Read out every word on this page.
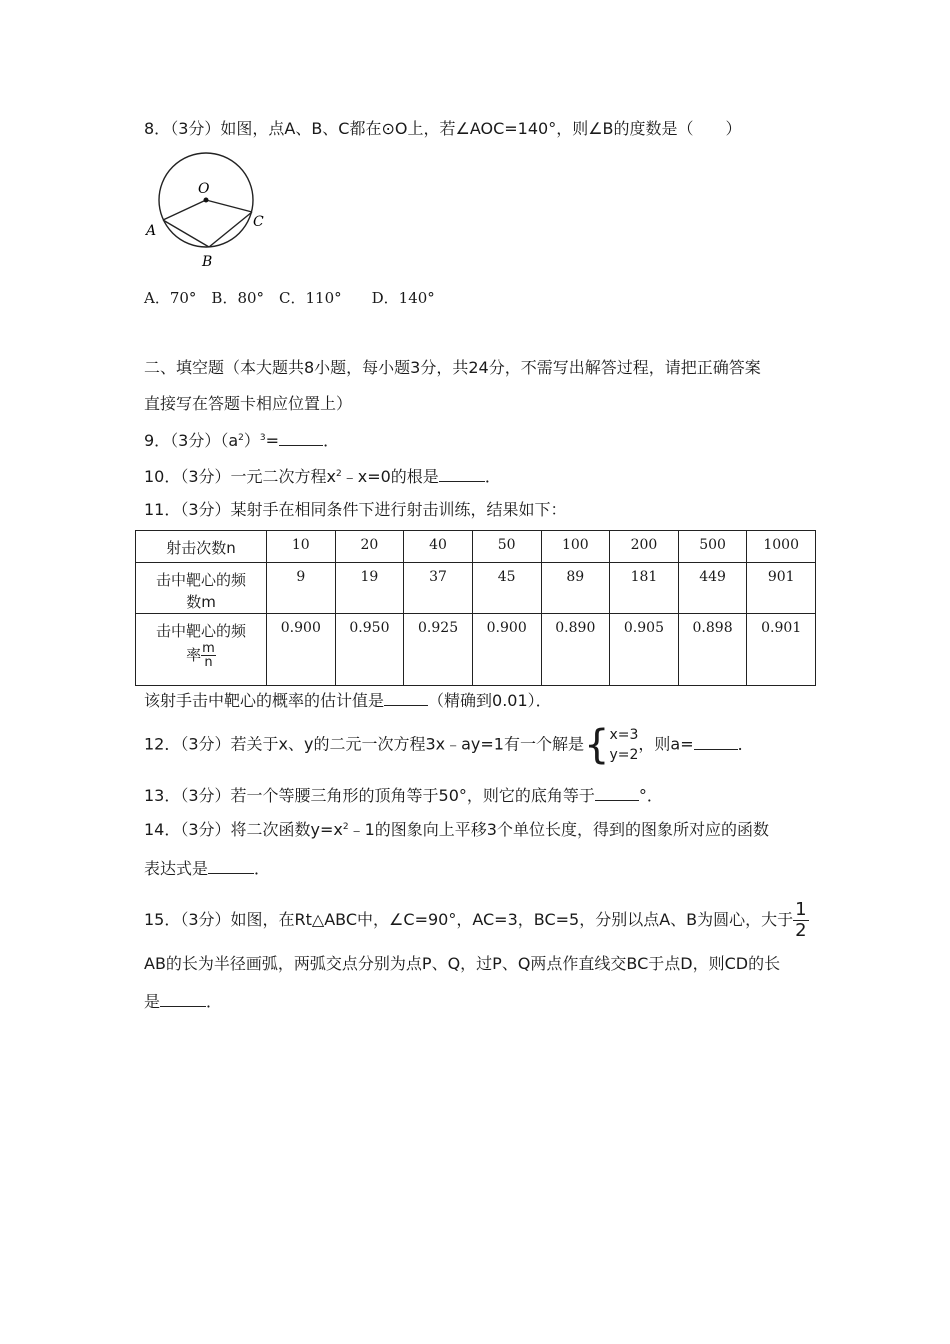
8．（3分）如图，点A、B、C都在⊙O上，若∠AOC=140°，则∠B的度数是（　　）
O
A
C
B
A．70°　B．80°　C．110°　　D．140°
二、填空题（本大题共8小题，每小题3分，共24分，不需写出解答过程，请把正确答案
直接写在答题卡相应位置上）
9．（3分）$(a^2)^3=$	．
10．（3分）一元二次方程$x^2﹣x=0$的根是	．
11．（3分）某射手在相同条件下进行射击训练，结果如下：
射击次数n	10	20	40	50	100	200	500	1000

击中靶心的频
数m	9	19	37	45	89	181	449	901

击中靶心的频
率 $\frac{m}{n}$	0.900	0.950	0.925	0.900	0.890	0.905	0.898	0.901
该射手击中靶心的概率的估计值是	（精确到0.01）．
12．（3分）若关于x、y的二元一次方程3x﹣ay=1有一个解是 { x=3
y=2
，则a=	．
13．（3分）若一个等腰三角形的顶角等于50°，则它的底角等于	°．
14．（3分）将二次函数$y=x^2﹣1$的图象向上平移3个单位长度，得到的图象所对应的函数
表达式是	．
15．（3分）如图，在Rt△ABC中，∠C=90°，AC=3，BC=5，分别以点A、B为圆心，大于 $\frac{1}{2}$
AB的长为半径画弧，两弧交点分别为点P、Q，过P、Q两点作直线交BC于点D，则CD的长
是	．
